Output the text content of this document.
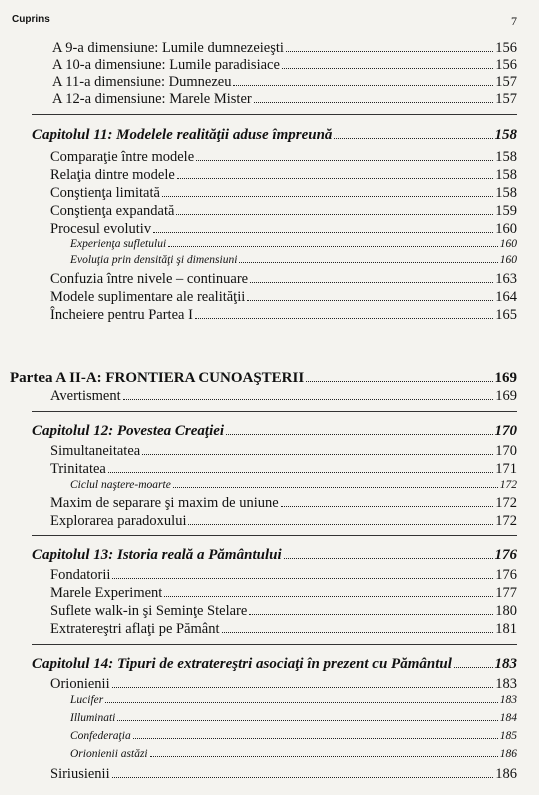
Cuprins	7
A 9-a dimensiune: Lumile dumnezeieşti	156
A 10-a dimensiune: Lumile paradisiace	156
A 11-a dimensiune: Dumnezeu	157
A 12-a dimensiune: Marele Mister	157
Capitolul 11: Modelele realităţii aduse împreună	158
Comparaţie între modele	158
Relaţia dintre modele	158
Conştienţa limitată	158
Conştienţa expandată	159
Procesul evolutiv	160
Experienţa sufletului	160
Evoluţia prin densităţi şi dimensiuni	160
Confuzia între nivele – continuare	163
Modele suplimentare ale realităţii	164
Încheiere pentru Partea I	165
Partea A II-A: FRONTIERA CUNOAŞTERII	169
Avertisment	169
Capitolul 12: Povestea Creaţiei	170
Simultaneitatea	170
Trinitatea	171
Ciclul naştere-moarte	172
Maxim de separare şi maxim de uniune	172
Explorarea paradoxului	172
Capitolul 13: Istoria reală a Pământului	176
Fondatorii	176
Marele Experiment	177
Suflete walk-in şi Seminţe Stelare	180
Extratereştri aflaţi pe Pământ	181
Capitolul 14: Tipuri de extratereştri asociaţi în prezent cu Pământul	183
Orionienii	183
Lucifer	183
Illuminati	184
Confederaţia	185
Orionienii astăzi	186
Siriusienii	186
